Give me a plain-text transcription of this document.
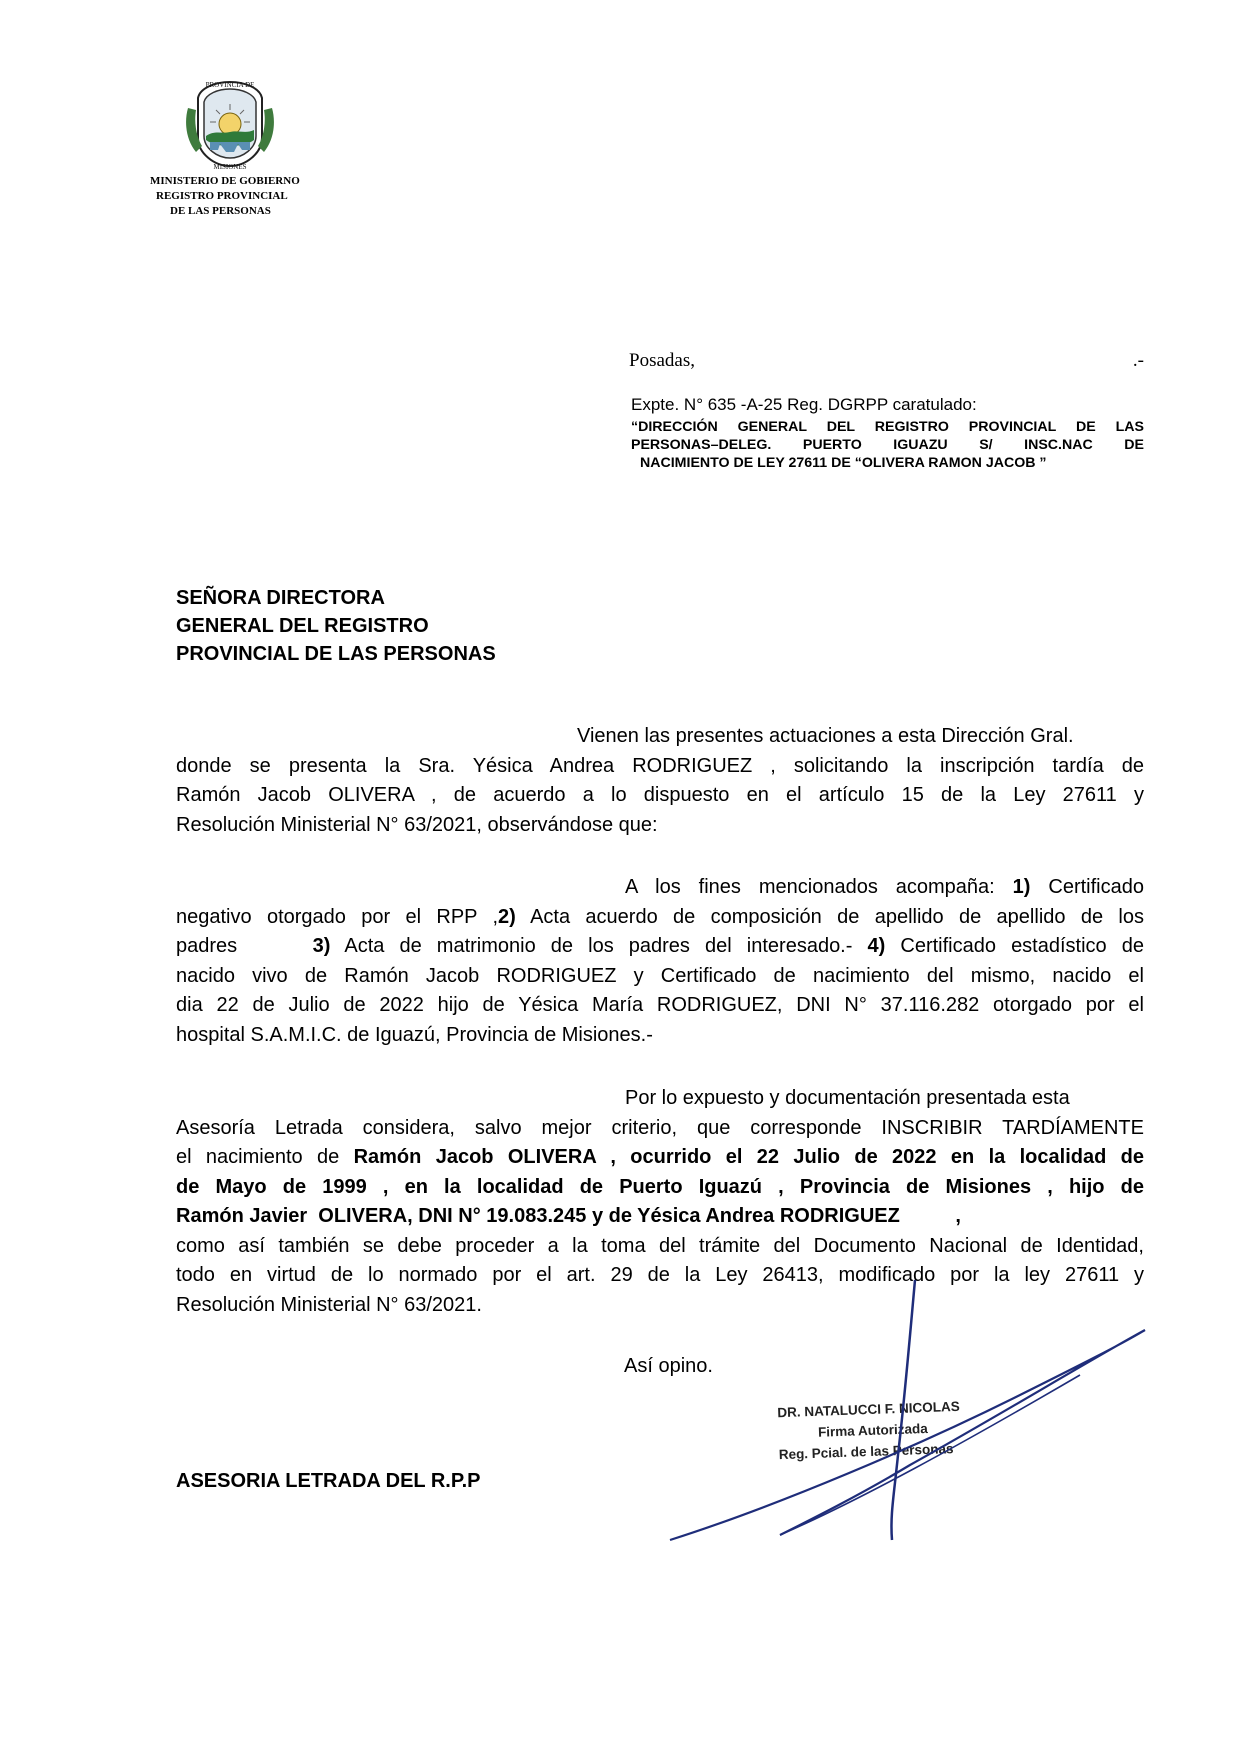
PROVINCIA DE
MISIONES
MINISTERIO DE GOBIERNO
REGISTRO PROVINCIAL
DE LAS PERSONAS
Posadas,	.-
Expte. N° 635 -A-25 Reg. DGRPP caratulado:
“DIRECCIÓN GENERAL DEL REGISTRO PROVINCIAL DE LAS
PERSONAS–DELEG. PUERTO IGUAZU S/ INSC.NAC DE
NACIMIENTO DE LEY 27611 DE “OLIVERA RAMON JACOB ”
SEÑORA DIRECTORA
GENERAL DEL REGISTRO
PROVINCIAL DE LAS PERSONAS
Vienen las presentes actuaciones a esta Dirección Gral.
donde se presenta la Sra. Yésica Andrea RODRIGUEZ , solicitando la inscripción tardía de
Ramón Jacob OLIVERA , de acuerdo a lo dispuesto en el artículo 15 de la Ley 27611 y
Resolución Ministerial N° 63/2021, observándose que:
A los fines mencionados acompaña: 1) Certificado
negativo otorgado por el RPP ,2) Acta acuerdo de composición de apellido de apellido de los
padres     3) Acta de matrimonio de los padres del interesado.- 4) Certificado estadístico de
nacido vivo de Ramón Jacob RODRIGUEZ y Certificado de nacimiento del mismo, nacido el
dia 22 de Julio de 2022 hijo de Yésica María RODRIGUEZ, DNI N° 37.116.282 otorgado por el
hospital S.A.M.I.C. de Iguazú, Provincia de Misiones.-
Por lo expuesto y documentación presentada esta
Asesoría Letrada considera, salvo mejor criterio, que corresponde INSCRIBIR TARDÍAMENTE
el nacimiento de Ramón Jacob OLIVERA , ocurrido el 22 Julio de 2022 en la localidad de
de Mayo de 1999 , en la localidad de Puerto Iguazú , Provincia de Misiones , hijo de
Ramón Javier  OLIVERA, DNI N° 19.083.245 y de Yésica Andrea RODRIGUEZ          ,
como así también se debe proceder a la toma del trámite del Documento Nacional de Identidad,
todo en virtud de lo normado por el art. 29 de la Ley 26413, modificado por la ley 27611 y
Resolución Ministerial N° 63/2021.
Así opino.
DR. NATALUCCI F. NICOLAS
Firma Autorizada
Reg. Pcial. de las Personas
ASESORIA LETRADA DEL R.P.P
